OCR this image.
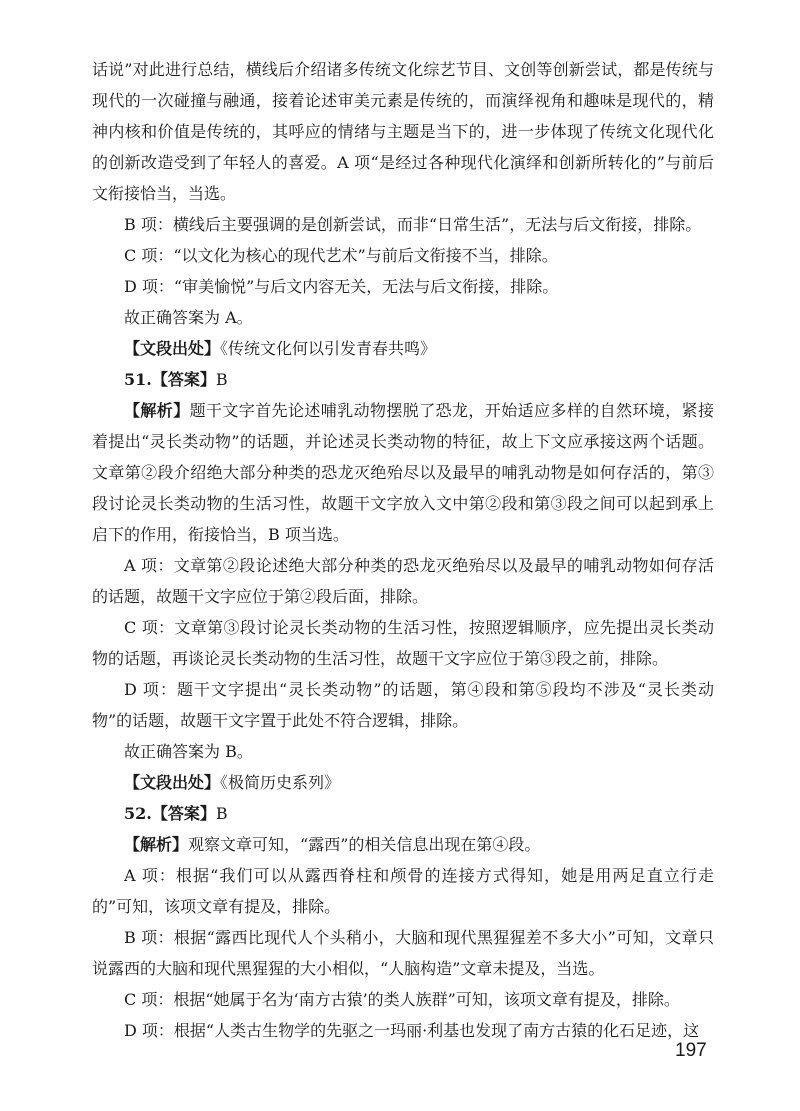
话说”对此进行总结，横线后介绍诸多传统文化综艺节目、文创等创新尝试，都是传统与现代的一次碰撞与融通，接着论述审美元素是传统的，而演绎视角和趣味是现代的，精神内核和价值是传统的，其呼应的情绪与主题是当下的，进一步体现了传统文化现代化的创新改造受到了年轻人的喜爱。A 项“是经过各种现代化演绎和创新所转化的”与前后文衔接恰当，当选。

B 项：横线后主要强调的是创新尝试，而非“日常生活”，无法与后文衔接，排除。

C 项：“以文化为核心的现代艺术”与前后文衔接不当，排除。

D 项：“审美愉悦”与后文内容无关，无法与后文衔接，排除。

故正确答案为 A。

【文段出处】《传统文化何以引发青春共鸣》

51.【答案】B

【解析】题干文字首先论述哺乳动物摆脱了恐龙，开始适应多样的自然环境，紧接着提出“灵长类动物”的话题，并论述灵长类动物的特征，故上下文应承接这两个话题。文章第②段介绍绝大部分种类的恐龙灭绝殆尽以及最早的哺乳动物是如何存活的，第③段讨论灵长类动物的生活习性，故题干文字放入文中第②段和第③段之间可以起到承上启下的作用，衔接恰当，B 项当选。

A 项：文章第②段论述绝大部分种类的恐龙灭绝殆尽以及最早的哺乳动物如何存活的话题，故题干文字应位于第②段后面，排除。

C 项：文章第③段讨论灵长类动物的生活习性，按照逻辑顺序，应先提出灵长类动物的话题，再谈论灵长类动物的生活习性，故题干文字应位于第③段之前，排除。

D 项：题干文字提出“灵长类动物”的话题，第④段和第⑤段均不涉及“灵长类动物”的话题，故题干文字置于此处不符合逻辑，排除。

故正确答案为 B。

【文段出处】《极简历史系列》

52.【答案】B

【解析】观察文章可知，“露西”的相关信息出现在第④段。

A 项：根据“我们可以从露西脊柱和颅骨的连接方式得知，她是用两足直立行走的”可知，该项文章有提及，排除。

B 项：根据“露西比现代人个头稍小，大脑和现代黑猩猩差不多大小”可知，文章只说露西的大脑和现代黑猩猩的大小相似，“人脑构造”文章未提及，当选。

C 项：根据“她属于名为‘南方古猿’的类人族群”可知，该项文章有提及，排除。

D 项：根据“人类古生物学的先驱之一玛丽·利基也发现了南方古猿的化石足迹，这

197
